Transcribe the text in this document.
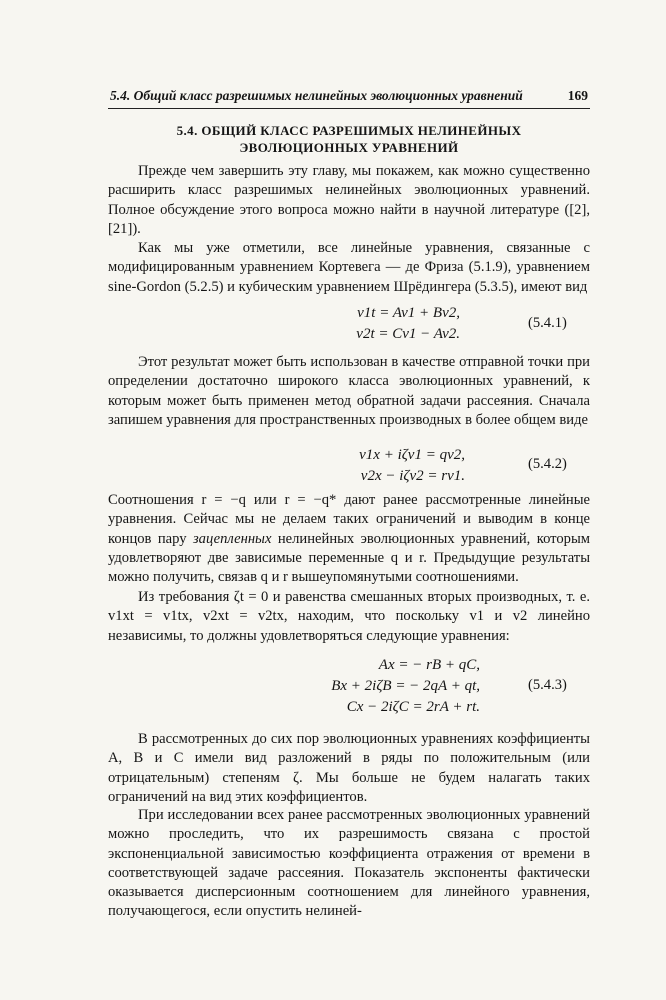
5.4. Общий класс разрешимых нелинейных эволюционных уравнений	169
5.4. ОБЩИЙ КЛАСС РАЗРЕШИМЫХ НЕЛИНЕЙНЫХ
ЭВОЛЮЦИОННЫХ УРАВНЕНИЙ

Прежде чем завершить эту главу, мы покажем, как можно существенно расширить класс разрешимых нелинейных эволюционных уравнений. Полное обсуждение этого вопроса можно найти в научной литературе ([2], [21]).

Как мы уже отметили, все линейные уравнения, связанные с модифицированным уравнением Кортевега — де Фриза (5.1.9), уравнением sine-Gordon (5.2.5) и кубическим уравнением Шрёдингера (5.3.5), имеют вид

v1t = Av1 + Bv2,
v2t = Cv1 − Av2.
(5.4.1)

Этот результат может быть использован в качестве отправной точки при определении достаточно широкого класса эволюционных уравнений, к которым может быть применен метод обратной задачи рассеяния. Сначала запишем уравнения для пространственных производных в более общем виде

v1x + iζv1 = qv2,
v2x − iζv2 = rv1.
(5.4.2)

Соотношения r = −q или r = −q* дают ранее рассмотренные линейные уравнения. Сейчас мы не делаем таких ограничений и выводим в конце концов пару зацепленных нелинейных эволюционных уравнений, которым удовлетворяют две зависимые переменные q и r. Предыдущие результаты можно получить, связав q и r вышеупомянутыми соотношениями.

Из требования ζt = 0 и равенства смешанных вторых производных, т. е. v1xt = v1tx, v2xt = v2tx, находим, что поскольку v1 и v2 линейно независимы, то должны удовлетворяться следующие уравнения:

Ax = − rB + qC,
Bx + 2iζB = − 2qA + qt,
Cx − 2iζC = 2rA + rt.
(5.4.3)

В рассмотренных до сих пор эволюционных уравнениях коэффициенты A, B и C имели вид разложений в ряды по положительным (или отрицательным) степеням ζ. Мы больше не будем налагать таких ограничений на вид этих коэффициентов.

При исследовании всех ранее рассмотренных эволюционных уравнений можно проследить, что их разрешимость связана с простой экспоненциальной зависимостью коэффициента отражения от времени в соответствующей задаче рассеяния. Показатель экспоненты фактически оказывается дисперсионным соотношением для линейного уравнения, получающегося, если опустить нелиней-
